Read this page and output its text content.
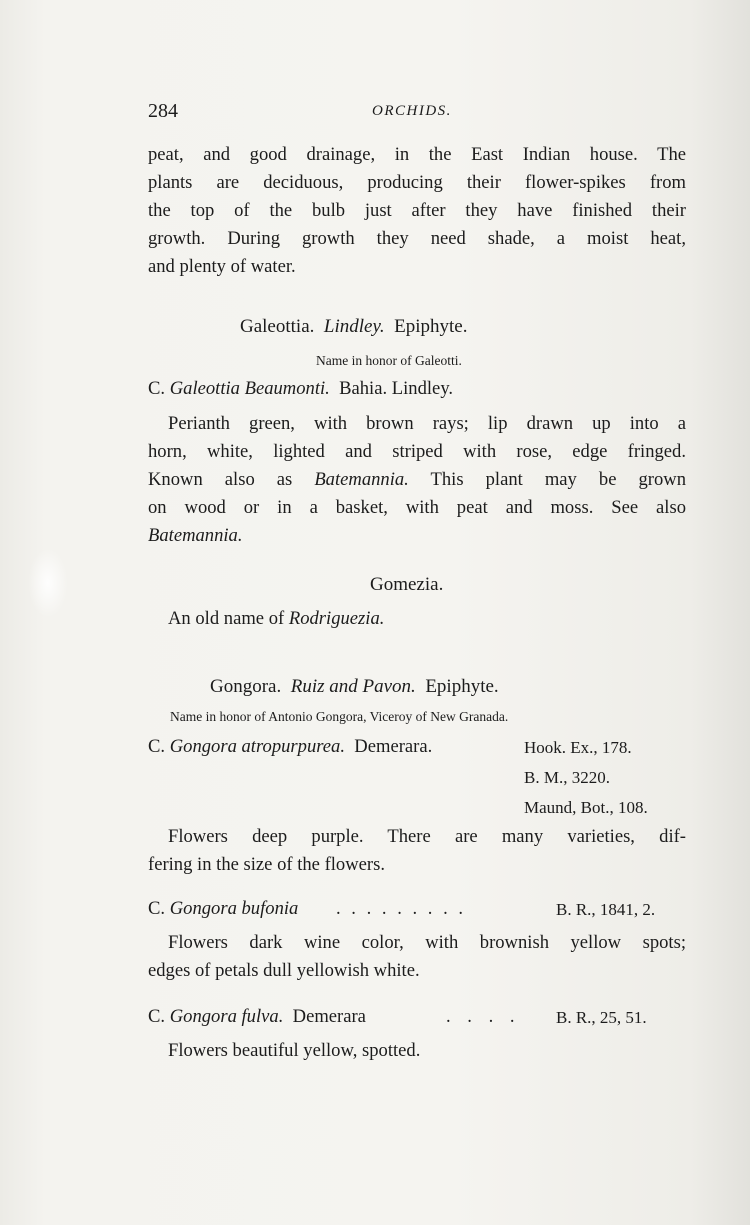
284	ORCHIDS.
peat, and good drainage, in the East Indian house. The
plants are deciduous, producing their flower-spikes from
the top of the bulb just after they have finished their
growth. During growth they need shade, a moist heat,
and plenty of water.
Galeottia. Lindley. Epiphyte.
Name in honor of Galeotti.
C. Galeottia Beaumonti. Bahia. Lindley.
Perianth green, with brown rays; lip drawn up into a
horn, white, lighted and striped with rose, edge fringed.
Known also as Batemannia. This plant may be grown
on wood or in a basket, with peat and moss. See also
Batemannia.
Gomezia.
An old name of Rodriguezia.
Gongora. Ruiz and Pavon. Epiphyte.
Name in honor of Antonio Gongora, Viceroy of New Granada.
C. Gongora atropurpurea. Demerara.	Hook. Ex., 178.
B. M., 3220.
Maund, Bot., 108.
Flowers deep purple. There are many varieties, dif-
fering in the size of the flowers.
C. Gongora bufonia . . . . . . . . .	B. R., 1841, 2.
Flowers dark wine color, with brownish yellow spots;
edges of petals dull yellowish white.
C. Gongora fulva. Demerara	. . . . B. R., 25, 51.
Flowers beautiful yellow, spotted.
